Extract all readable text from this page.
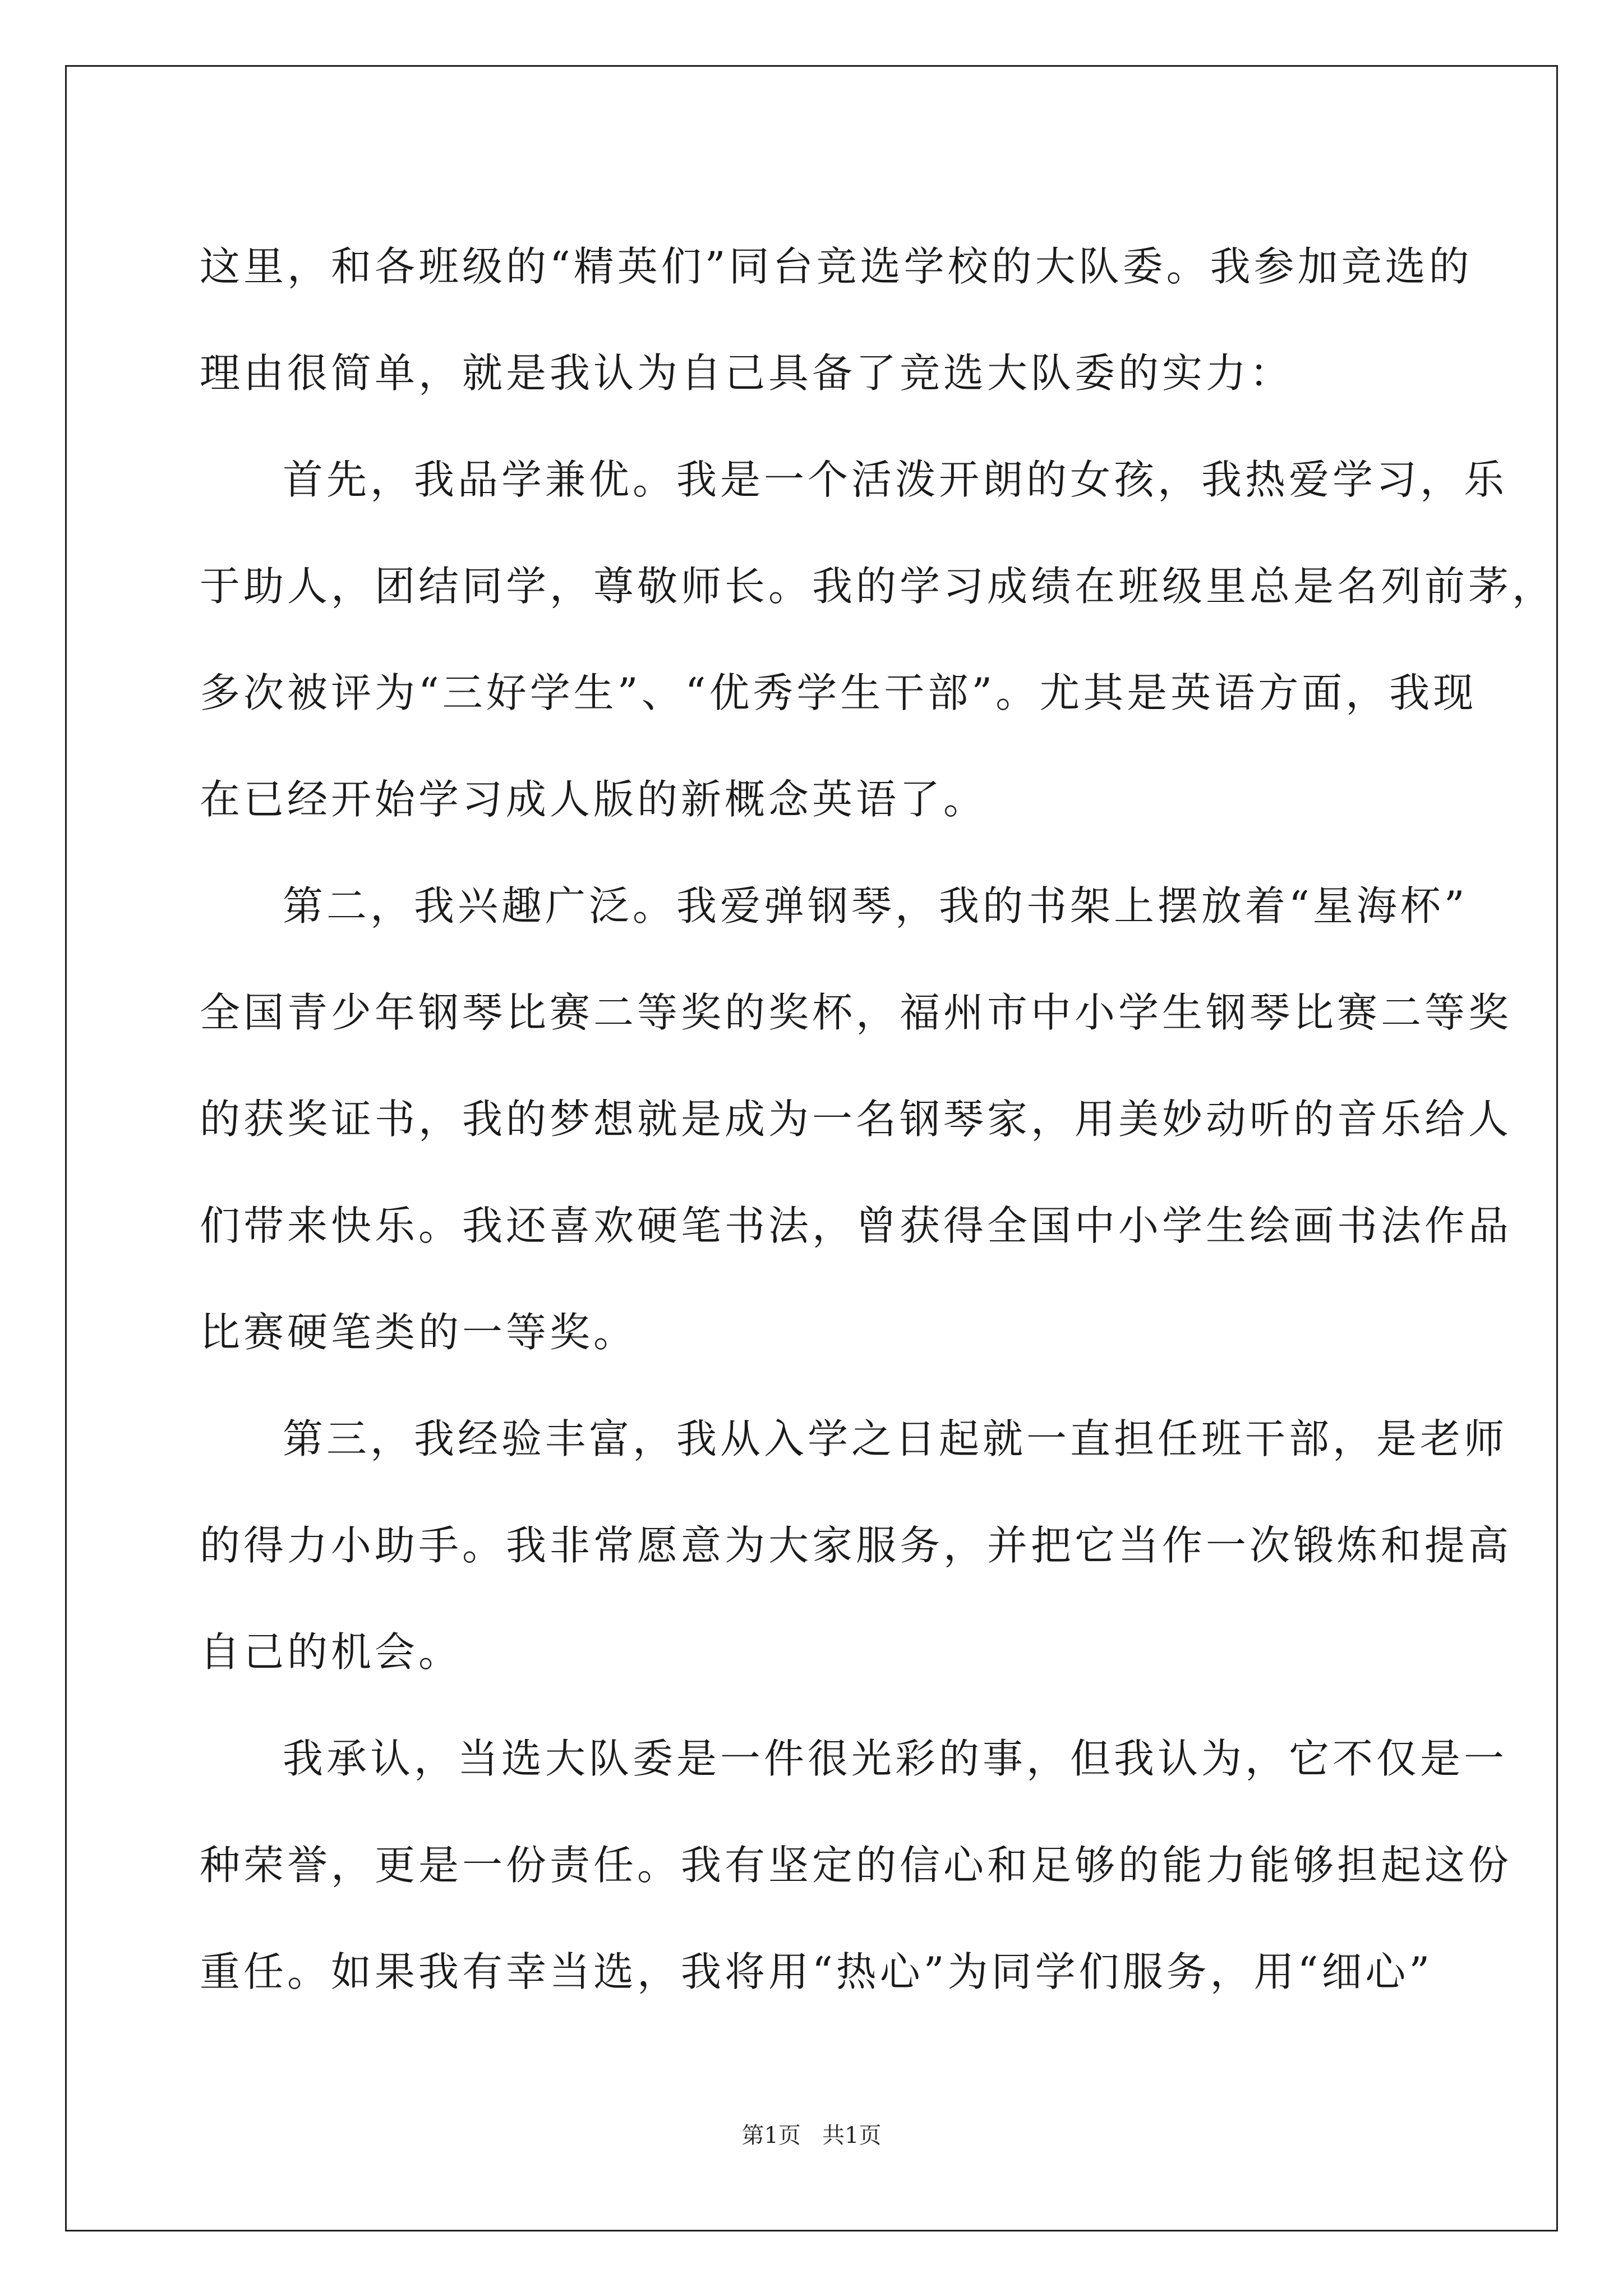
这里，和各班级的“精英们”同台竞选学校的大队委。我参加竞选的
理由很简单，就是我认为自己具备了竞选大队委的实力：
首先，我品学兼优。我是一个活泼开朗的女孩，我热爱学习，乐
于助人，团结同学，尊敬师长。我的学习成绩在班级里总是名列前茅，
多次被评为“三好学生”、“优秀学生干部”。尤其是英语方面，我现
在已经开始学习成人版的新概念英语了。
第二，我兴趣广泛。我爱弹钢琴，我的书架上摆放着“星海杯”
全国青少年钢琴比赛二等奖的奖杯，福州市中小学生钢琴比赛二等奖
的获奖证书，我的梦想就是成为一名钢琴家，用美妙动听的音乐给人
们带来快乐。我还喜欢硬笔书法，曾获得全国中小学生绘画书法作品
比赛硬笔类的一等奖。
第三，我经验丰富，我从入学之日起就一直担任班干部，是老师
的得力小助手。我非常愿意为大家服务，并把它当作一次锻炼和提高
自己的机会。
我承认，当选大队委是一件很光彩的事，但我认为，它不仅是一
种荣誉，更是一份责任。我有坚定的信心和足够的能力能够担起这份
重任。如果我有幸当选，我将用“热心”为同学们服务，用“细心”
第1页   共1页
